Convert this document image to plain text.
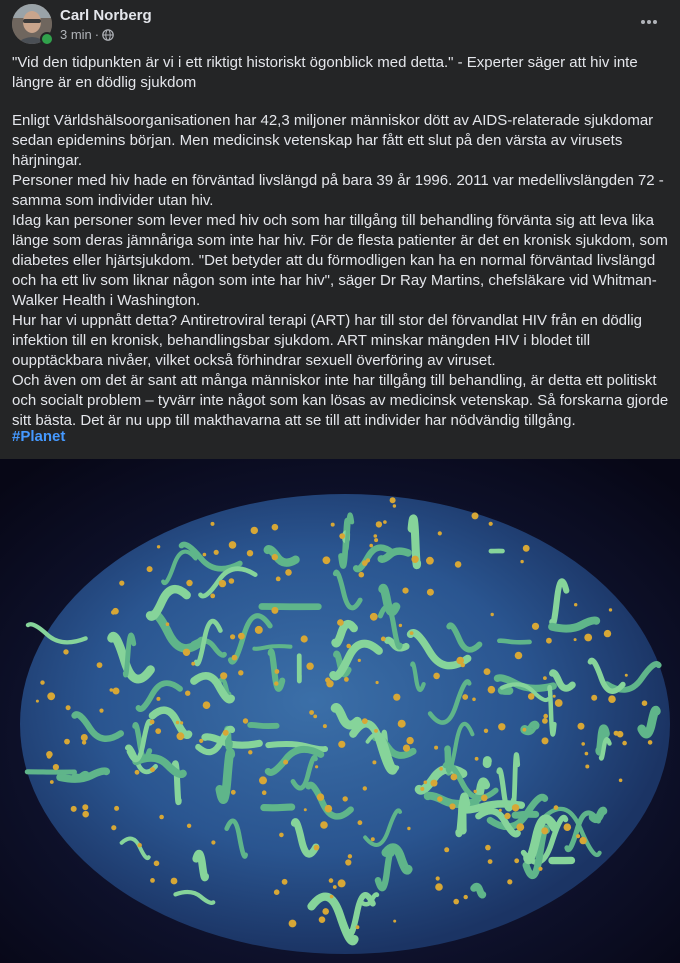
Carl Norberg
3 min ·

"Vid den tidpunkten är vi i ett riktigt historiskt ögonblick med detta." - Experter säger att hiv inte längre är en dödlig sjukdom

Enligt Världshälsoorganisationen har 42,3 miljoner människor dött av AIDS-relaterade sjukdomar sedan epidemins början. Men medicinsk vetenskap har fått ett slut på den värsta av virusets härjningar.

Personer med hiv hade en förväntad livslängd på bara 39 år 1996. 2011 var medellivslängden 72 - samma som individer utan hiv.

Idag kan personer som lever med hiv och som har tillgång till behandling förvänta sig att leva lika länge som deras jämnåriga som inte har hiv. För de flesta patienter är det en kronisk sjukdom, som diabetes eller hjärtsjukdom. "Det betyder att du förmodligen kan ha en normal förväntad livslängd och ha ett liv som liknar någon som inte har hiv", säger Dr Ray Martins, chefsläkare vid Whitman-Walker Health i Washington.

Hur har vi uppnått detta? Antiretroviral terapi (ART) har till stor del förvandlat HIV från en dödlig infektion till en kronisk, behandlingsbar sjukdom. ART minskar mängden HIV i blodet till oupptäckbara nivåer, vilket också förhindrar sexuell överföring av viruset.

Och även om det är sant att många människor inte har tillgång till behandling, är detta ett politiskt och socialt problem – tyvärr inte något som kan lösas av medicinsk vetenskap. Så forskarna gjorde sitt bästa. Det är nu upp till makthavarna att se till att individer har nödvändig tillgång.

#Planet
